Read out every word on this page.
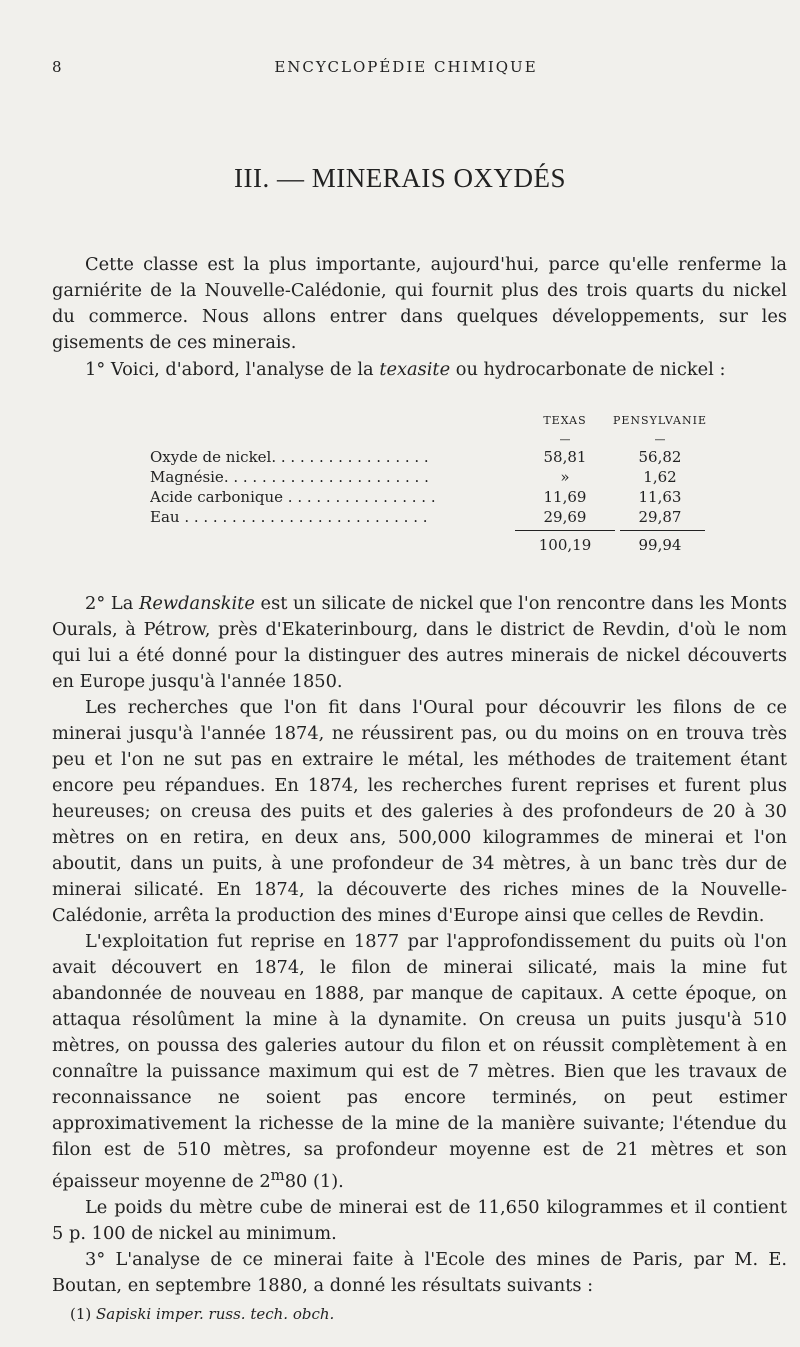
8	ENCYCLOPÉDIE CHIMIQUE
III. — MINERAIS OXYDÉS

Cette classe est la plus importante, aujourd'hui, parce qu'elle renferme la garniérite de la Nouvelle-Calédonie, qui fournit plus des trois quarts du nickel du commerce. Nous allons entrer dans quelques développements, sur les gisements de ces minerais.

1° Voici, d'abord, l'analyse de la texasite ou hydrocarbonate de nickel :

TEXAS	PENSYLVANIE
—	—
Oxyde de nickel. . . . . . . . . . . . . . . . .	58,81	56,82
Magnésie. . . . . . . . . . . . . . . . . . . . . .	»	1,62
Acide carbonique . . . . . . . . . . . . . . . .	11,69	11,63
Eau . . . . . . . . . . . . . . . . . . . . . . . . . .	29,69	29,87
100,19	99,94

2° La Rewdanskite est un silicate de nickel que l'on rencontre dans les Monts Ourals, à Pétrow, près d'Ekaterinbourg, dans le district de Revdin, d'où le nom qui lui a été donné pour la distinguer des autres minerais de nickel découverts en Europe jusqu'à l'année 1850.

Les recherches que l'on fit dans l'Oural pour découvrir les filons de ce minerai jusqu'à l'année 1874, ne réussirent pas, ou du moins on en trouva très peu et l'on ne sut pas en extraire le métal, les méthodes de traitement étant encore peu répandues. En 1874, les recherches furent reprises et furent plus heureuses; on creusa des puits et des galeries à des profondeurs de 20 à 30 mètres on en retira, en deux ans, 500,000 kilogrammes de minerai et l'on aboutit, dans un puits, à une profondeur de 34 mètres, à un banc très dur de minerai silicaté. En 1874, la découverte des riches mines de la Nouvelle-Calédonie, arrêta la production des mines d'Europe ainsi que celles de Revdin.

L'exploitation fut reprise en 1877 par l'approfondissement du puits où l'on avait découvert en 1874, le filon de minerai silicaté, mais la mine fut abandonnée de nouveau en 1888, par manque de capitaux. A cette époque, on attaqua résolûment la mine à la dynamite. On creusa un puits jusqu'à 510 mètres, on poussa des galeries autour du filon et on réussit complètement à en connaître la puissance maximum qui est de 7 mètres. Bien que les travaux de reconnaissance ne soient pas encore terminés, on peut estimer approximativement la richesse de la mine de la manière suivante; l'étendue du filon est de 510 mètres, sa profondeur moyenne est de 21 mètres et son épaisseur moyenne de 2$^m$80 (1).

Le poids du mètre cube de minerai est de 11,650 kilogrammes et il contient 5 p. 100 de nickel au minimum.

3° L'analyse de ce minerai faite à l'Ecole des mines de Paris, par M. E. Boutan, en septembre 1880, a donné les résultats suivants :

(1) Sapiski imper. russ. tech. obch.
